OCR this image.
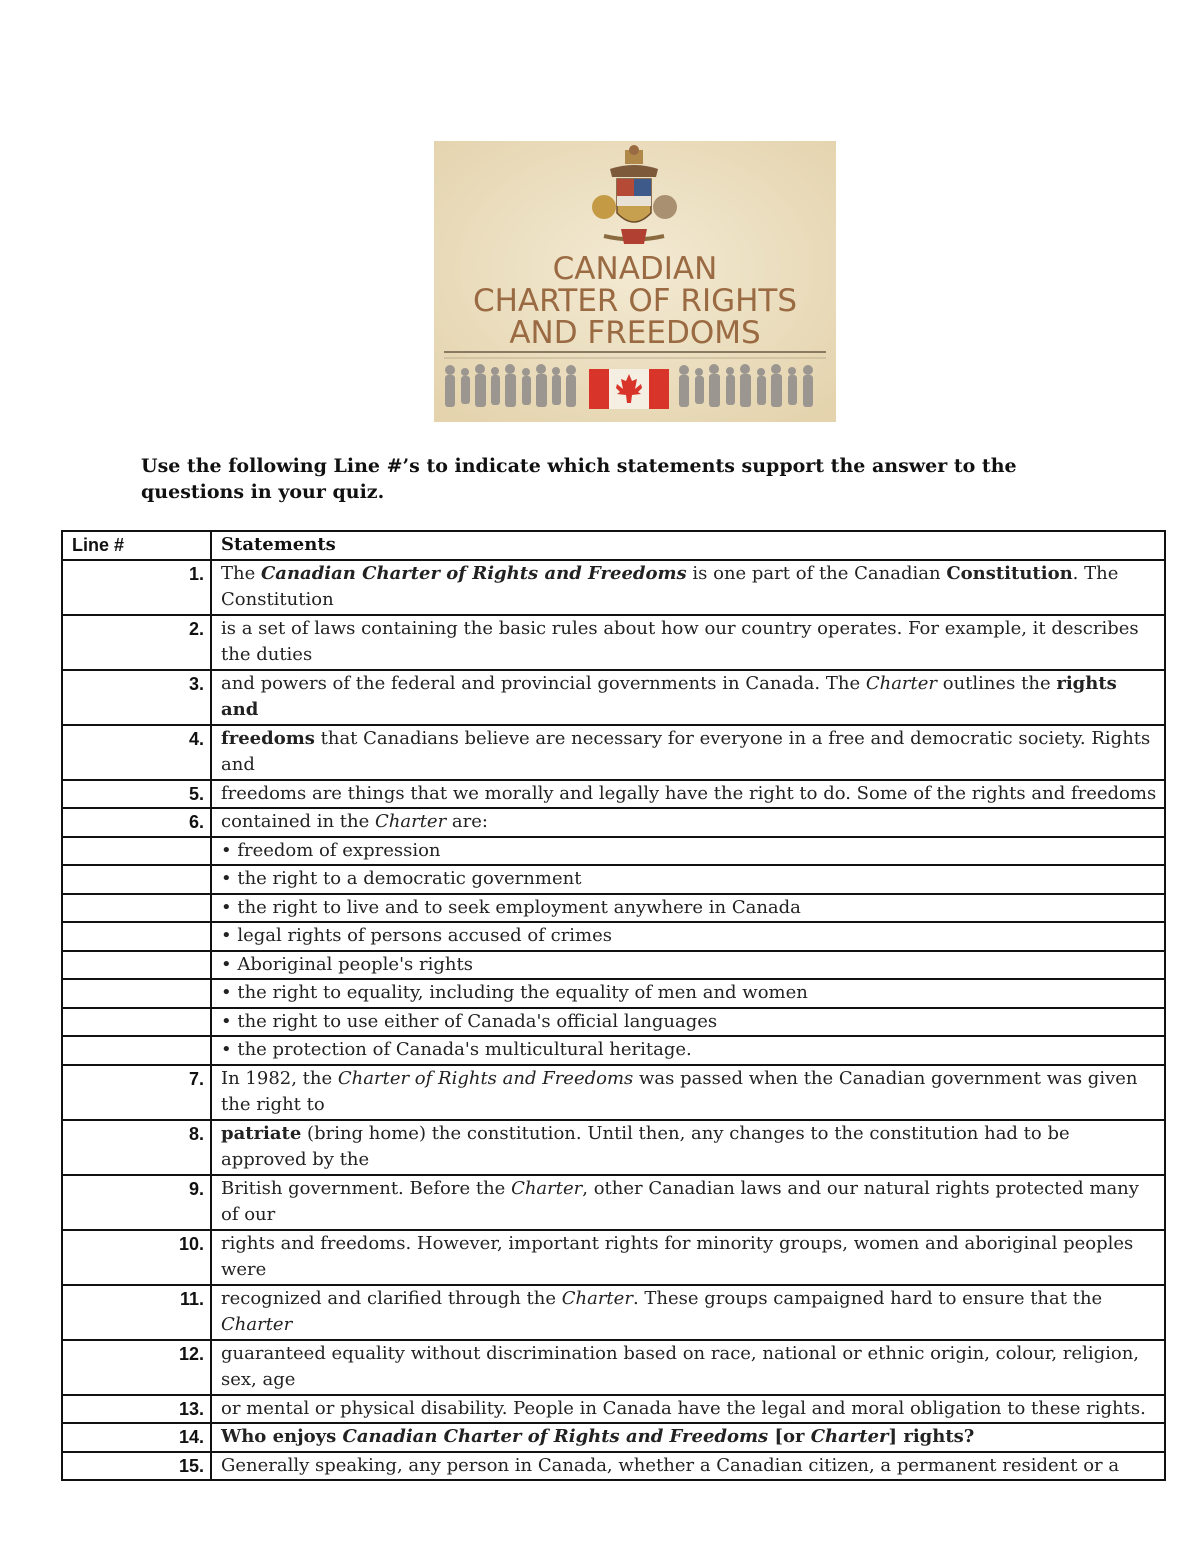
CANADIAN
CHARTER OF RIGHTS
AND FREEDOMS
Use the following Line #’s to indicate which statements support the answer to the questions in your quiz.
Line #	Statements
1.	The Canadian Charter of Rights and Freedoms is one part of the Canadian Constitution. The Constitution
2.	is a set of laws containing the basic rules about how our country operates. For example, it describes the duties
3.	and powers of the federal and provincial governments in Canada. The Charter outlines the rights and
4.	freedoms that Canadians believe are necessary for everyone in a free and democratic society. Rights and
5.	freedoms are things that we morally and legally have the right to do. Some of the rights and freedoms
6.	contained in the Charter are:
	• freedom of expression
	• the right to a democratic government
	• the right to live and to seek employment anywhere in Canada
	• legal rights of persons accused of crimes
	• Aboriginal people's rights
	• the right to equality, including the equality of men and women
	• the right to use either of Canada's official languages
	• the protection of Canada's multicultural heritage.
7.	In 1982, the Charter of Rights and Freedoms was passed when the Canadian government was given the right to
8.	patriate (bring home) the constitution. Until then, any changes to the constitution had to be approved by the
9.	British government. Before the Charter, other Canadian laws and our natural rights protected many of our
10.	rights and freedoms. However, important rights for minority groups, women and aboriginal peoples were
11.	recognized and clarified through the Charter. These groups campaigned hard to ensure that the Charter
12.	guaranteed equality without discrimination based on race, national or ethnic origin, colour, religion, sex, age
13.	or mental or physical disability. People in Canada have the legal and moral obligation to these rights.
14.	Who enjoys Canadian Charter of Rights and Freedoms [or Charter] rights?
15.	Generally speaking, any person in Canada, whether a Canadian citizen, a permanent resident or a
